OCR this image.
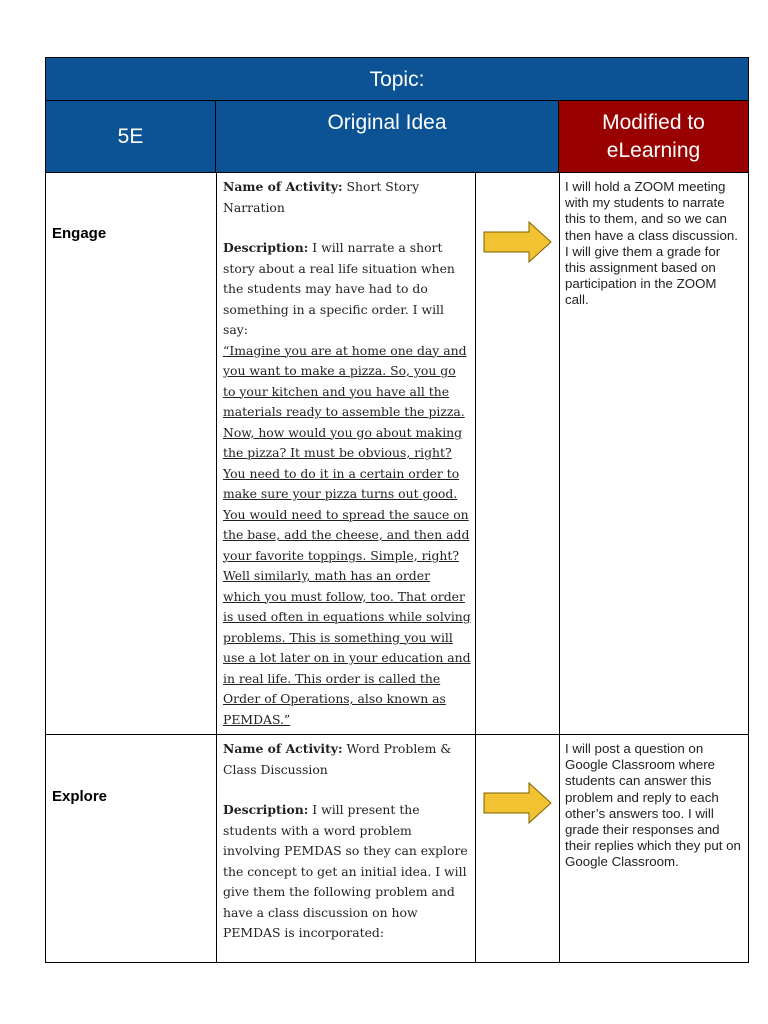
Topic:
5E
Original Idea	Modified to eLearning
Engage
Name of Activity: Short Story Narration
Description: I will narrate a short story about a real life situation when the students may have had to do something in a specific order. I will say:
“Imagine you are at home one day and you want to make a pizza. So, you go to your kitchen and you have all the materials ready to assemble the pizza. Now, how would you go about making the pizza? It must be obvious, right? You need to do it in a certain order to make sure your pizza turns out good. You would need to spread the sauce on the base, add the cheese, and then add your favorite toppings. Simple, right? Well similarly, math has an order which you must follow, too. That order is used often in equations while solving problems. This is something you will use a lot later on in your education and in real life. This order is called the Order of Operations, also known as PEMDAS.”
I will hold a ZOOM meeting with my students to narrate this to them, and so we can then have a class discussion. I will give them a grade for this assignment based on participation in the ZOOM call.
Explore
Name of Activity: Word Problem & Class Discussion
Description: I will present the students with a word problem involving PEMDAS so they can explore the concept to get an initial idea. I will give them the following problem and have a class discussion on how PEMDAS is incorporated:
I will post a question on Google Classroom where students can answer this problem and reply to each other’s answers too. I will grade their responses and their replies which they put on Google Classroom.
